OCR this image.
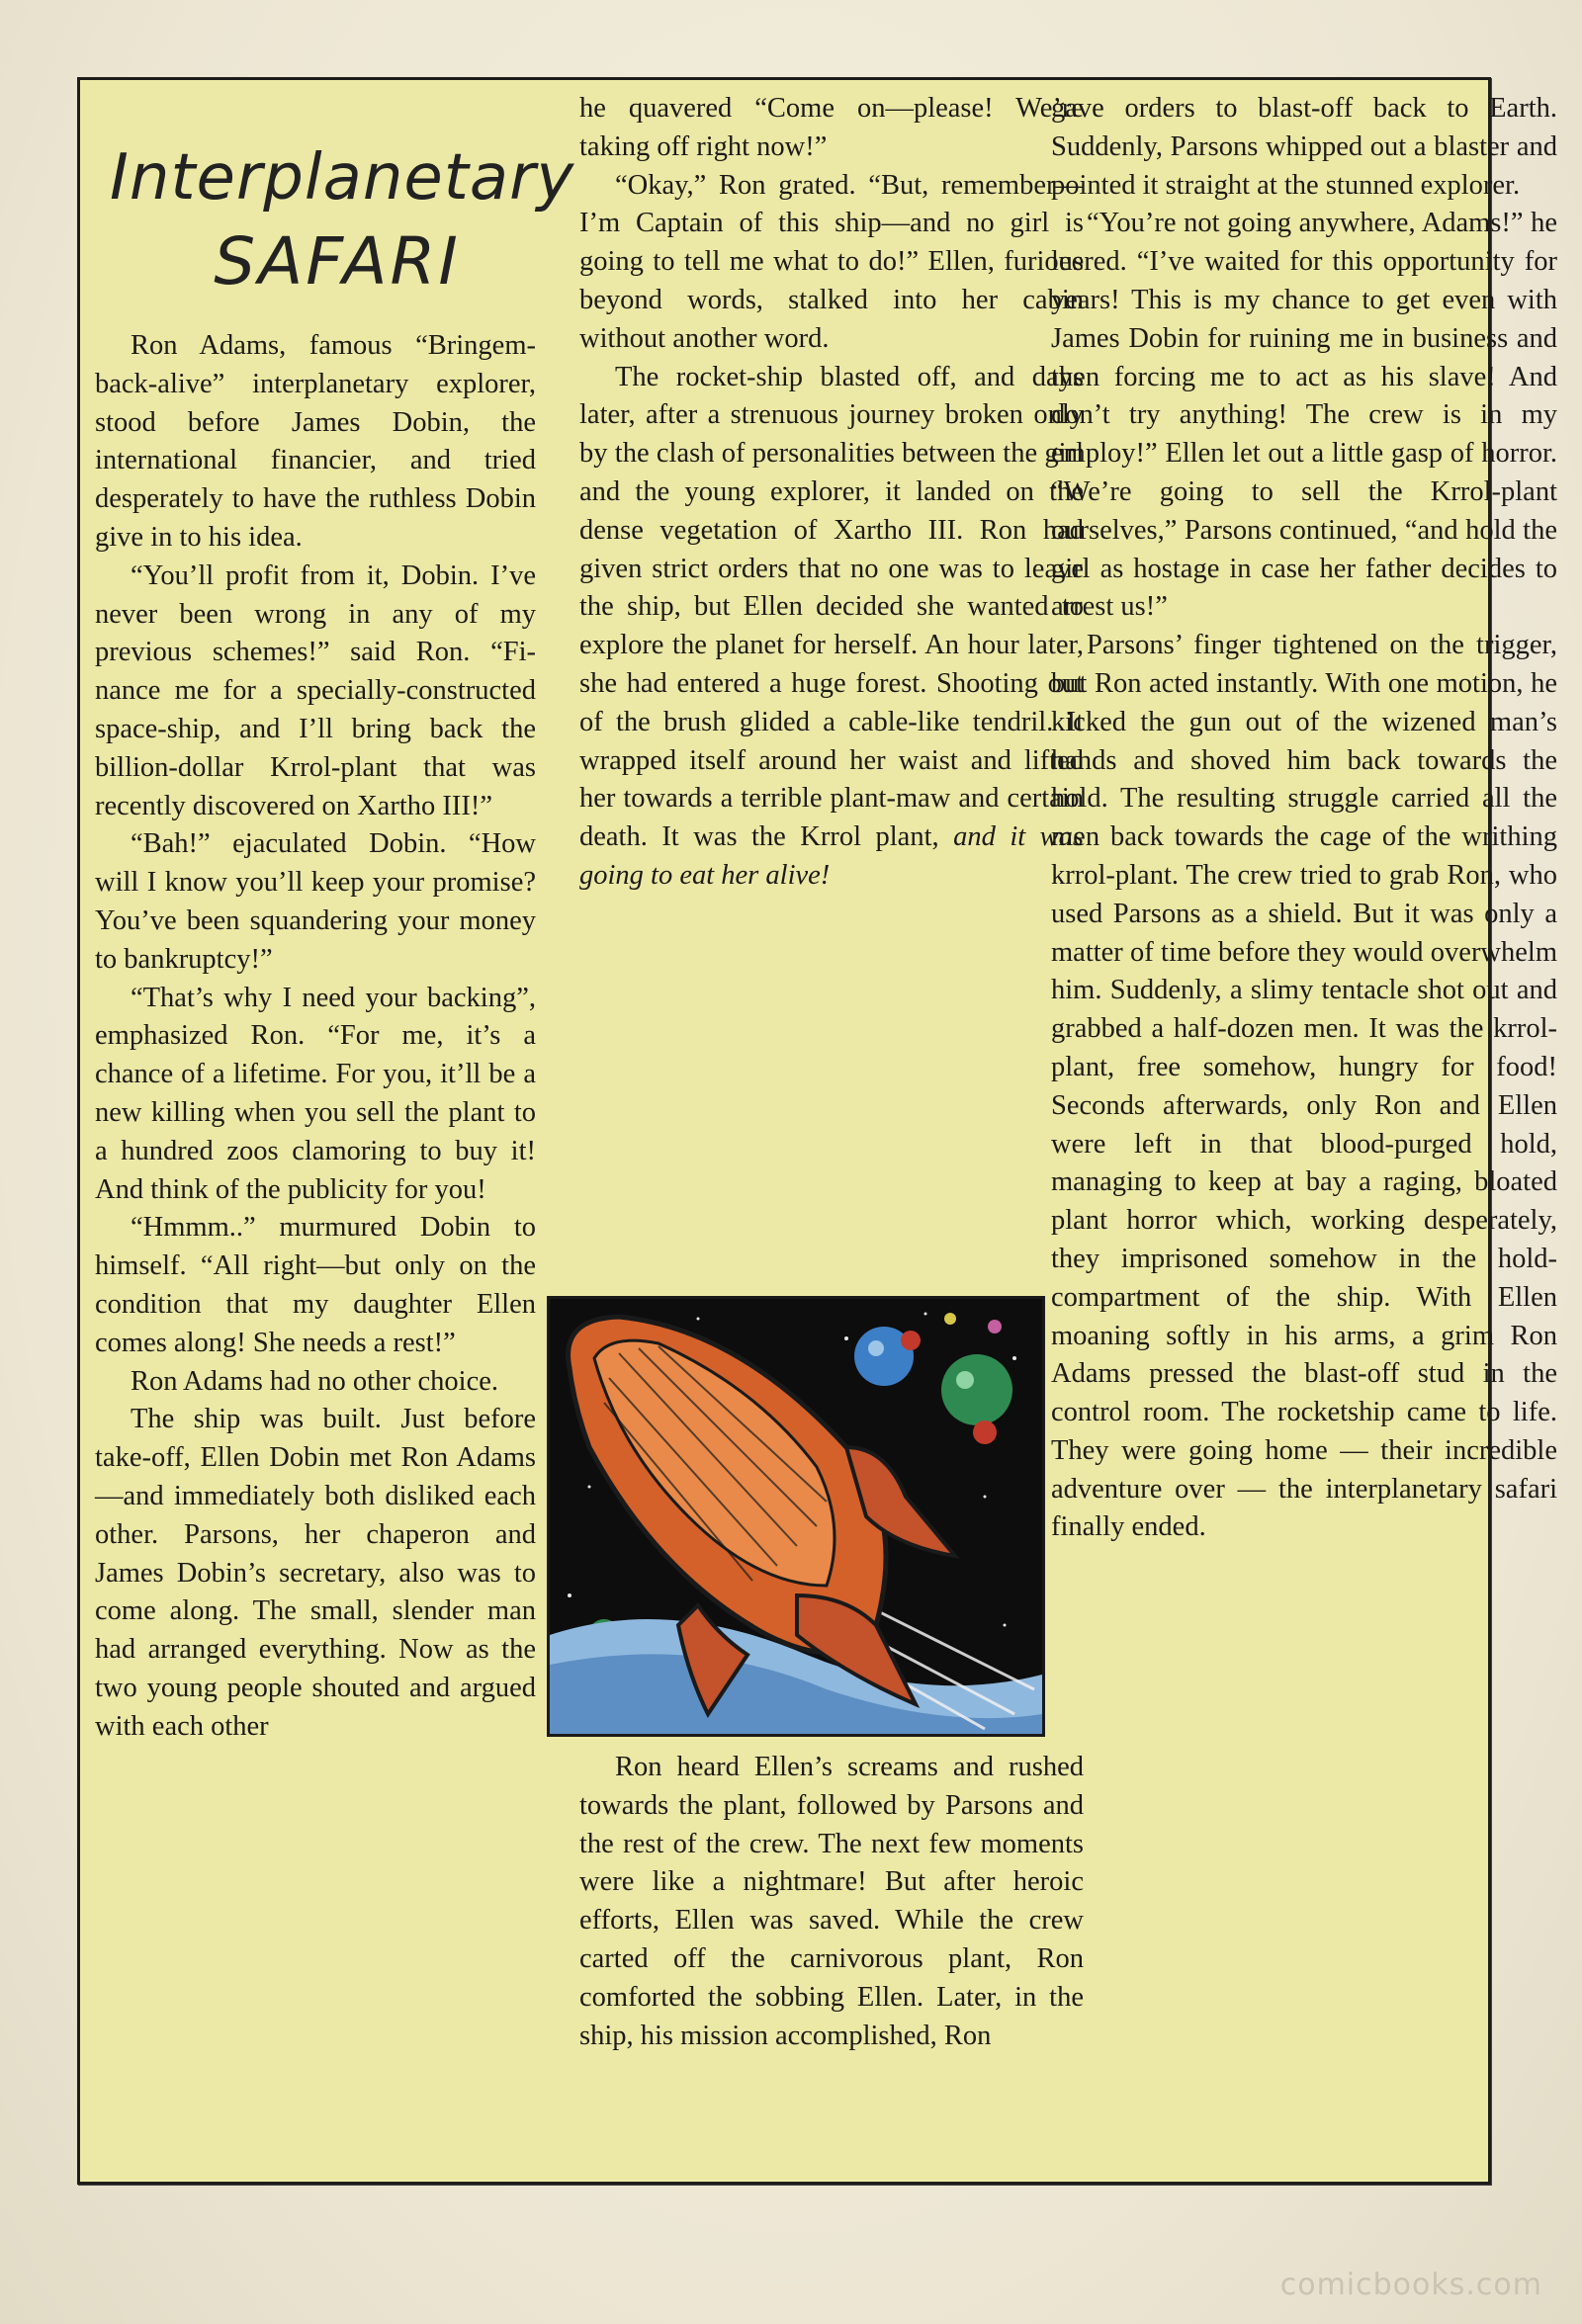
Interplanetary
SAFARI

Ron Adams, famous “Bringem-back-alive” interplanetary explorer, stood before James Dobin, the international financier, and tried desperately to have the ruthless Dobin give in to his idea.

“You’ll profit from it, Dobin. I’ve never been wrong in any of my previous schemes!” said Ron. “Finance me for a specially-constructed space-ship, and I’ll bring back the billion-dollar Krrol-plant that was recently discovered on Xartho III!”

“Bah!” ejaculated Dobin. “How will I know you’ll keep your promise? You’ve been squandering your money to bankruptcy!”

“That’s why I need your backing”, emphasized Ron. “For me, it’s a chance of a lifetime. For you, it’ll be a new killing when you sell the plant to a hundred zoos clamoring to buy it! And think of the publicity for you!

“Hmmm..” murmured Dobin to himself. “All right—but only on the condition that my daughter Ellen comes along! She needs a rest!”

Ron Adams had no other choice.

The ship was built. Just before take-off, Ellen Dobin met Ron Adams—and immediately both disliked each other. Parsons, her chaperon and James Dobin’s secretary, also was to come along. The small, slender man had arranged everything. Now as the two young people shouted and argued with each other

he quavered “Come on—please! We’re taking off right now!”

“Okay,” Ron grated. “But, remember—I’m Captain of this ship—and no girl is going to tell me what to do!” Ellen, furious beyond words, stalked into her cabin without another word.

The rocket-ship blasted off, and days later, after a strenuous journey broken only by the clash of personalities between the girl and the young explorer, it landed on the dense vegetation of Xartho III. Ron had given strict orders that no one was to leave the ship, but Ellen decided she wanted to explore the planet for herself. An hour later, she had entered a huge forest. Shooting out of the brush glided a cable-like tendril. It wrapped itself around her waist and lifted her towards a terrible plant-maw and certain death. It was the Krrol plant, and it was going to eat her alive!

Ron heard Ellen’s screams and rushed towards the plant, followed by Parsons and the rest of the crew. The next few moments were like a nightmare! But after heroic efforts, Ellen was saved. While the crew carted off the carnivorous plant, Ron comforted the sobbing Ellen. Later, in the ship, his mission accomplished, Ron

gave orders to blast-off back to Earth. Suddenly, Parsons whipped out a blaster and pointed it straight at the stunned explorer.

“You’re not going anywhere, Adams!” he leered. “I’ve waited for this opportunity for years! This is my chance to get even with James Dobin for ruining me in business and then forcing me to act as his slave! And don’t try anything! The crew is in my employ!” Ellen let out a little gasp of horror. “We’re going to sell the Krrol-plant ourselves,” Parsons continued, “and hold the girl as hostage in case her father decides to arrest us!”

Parsons’ finger tightened on the trigger, but Ron acted instantly. With one motion, he kicked the gun out of the wizened man’s hands and shoved him back towards the hold. The resulting struggle carried all the men back towards the cage of the writhing krrol-plant. The crew tried to grab Ron, who used Parsons as a shield. But it was only a matter of time before they would overwhelm him. Suddenly, a slimy tentacle shot out and grabbed a half-dozen men. It was the krrol-plant, free somehow, hungry for food! Seconds afterwards, only Ron and Ellen were left in that blood-purged hold, managing to keep at bay a raging, bloated plant horror which, working desperately, they imprisoned somehow in the hold-compartment of the ship. With Ellen moaning softly in his arms, a grim Ron Adams pressed the blast-off stud in the control room. The rocketship came to life. They were going home — their incredible adventure over — the interplanetary safari finally ended.

comicbooks.com
